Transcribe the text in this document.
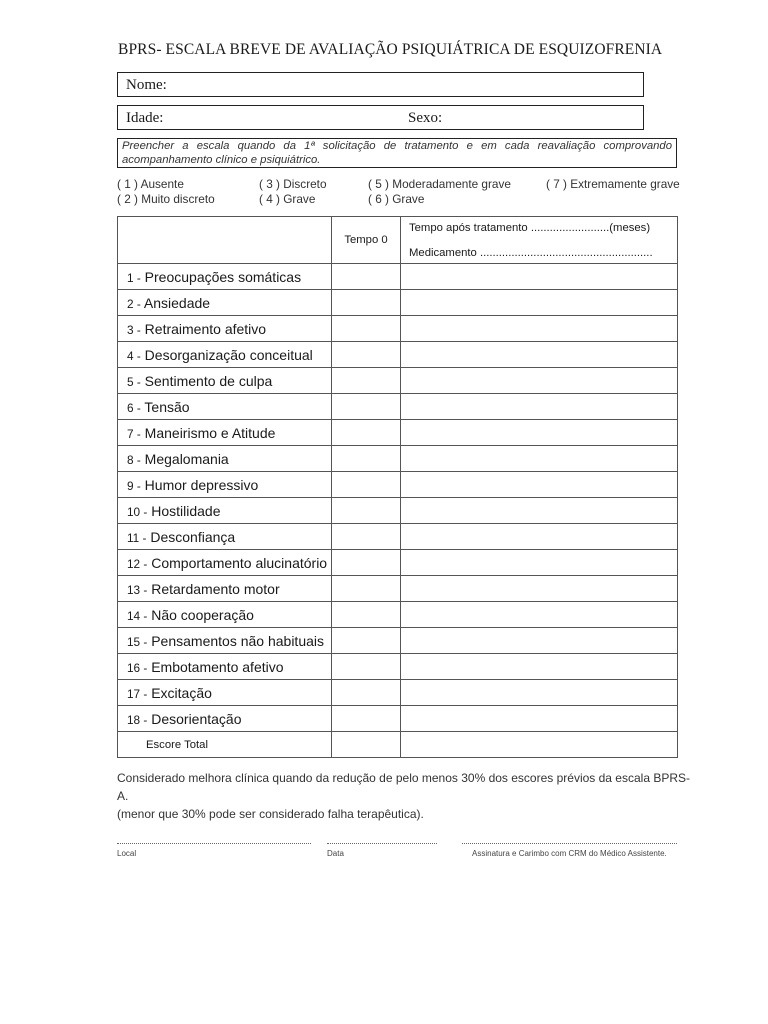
BPRS- ESCALA BREVE DE AVALIAÇÃO PSIQUIÁTRICA DE ESQUIZOFRENIA
Nome:
Idade:	Sexo:
Preencher a escala quando da 1ª solicitação de tratamento e em cada reavaliação comprovando
acompanhamento clínico e psiquiátrico.
( 1 ) Ausente	( 3 ) Discreto	( 5 ) Moderadamente grave	( 7 ) Extremamente grave
( 2 ) Muito discreto	( 4 ) Grave	( 6 ) Grave
	Tempo 0	Tempo após tratamento .........................(meses)
Medicamento .......................................................

1 - Preocupações somáticas		
2 - Ansiedade		
3 - Retraimento afetivo		
4 - Desorganização conceitual		
5 - Sentimento de culpa		
6 - Tensão		
7 - Maneirismo e Atitude		
8 - Megalomania		
9 - Humor depressivo		
10 - Hostilidade		
11 - Desconfiança		
12 - Comportamento alucinatório		
13 - Retardamento motor		
14 - Não cooperação		
15 - Pensamentos não habituais		
16 - Embotamento afetivo		
17 - Excitação		
18 - Desorientação		
Escore Total		
Considerado melhora clínica quando da redução de pelo menos 30% dos escores prévios da escala BPRS-A.
(menor que 30% pode ser considerado falha terapêutica).
Local	Data	Assinatura e Carimbo com CRM do Médico Assistente.
